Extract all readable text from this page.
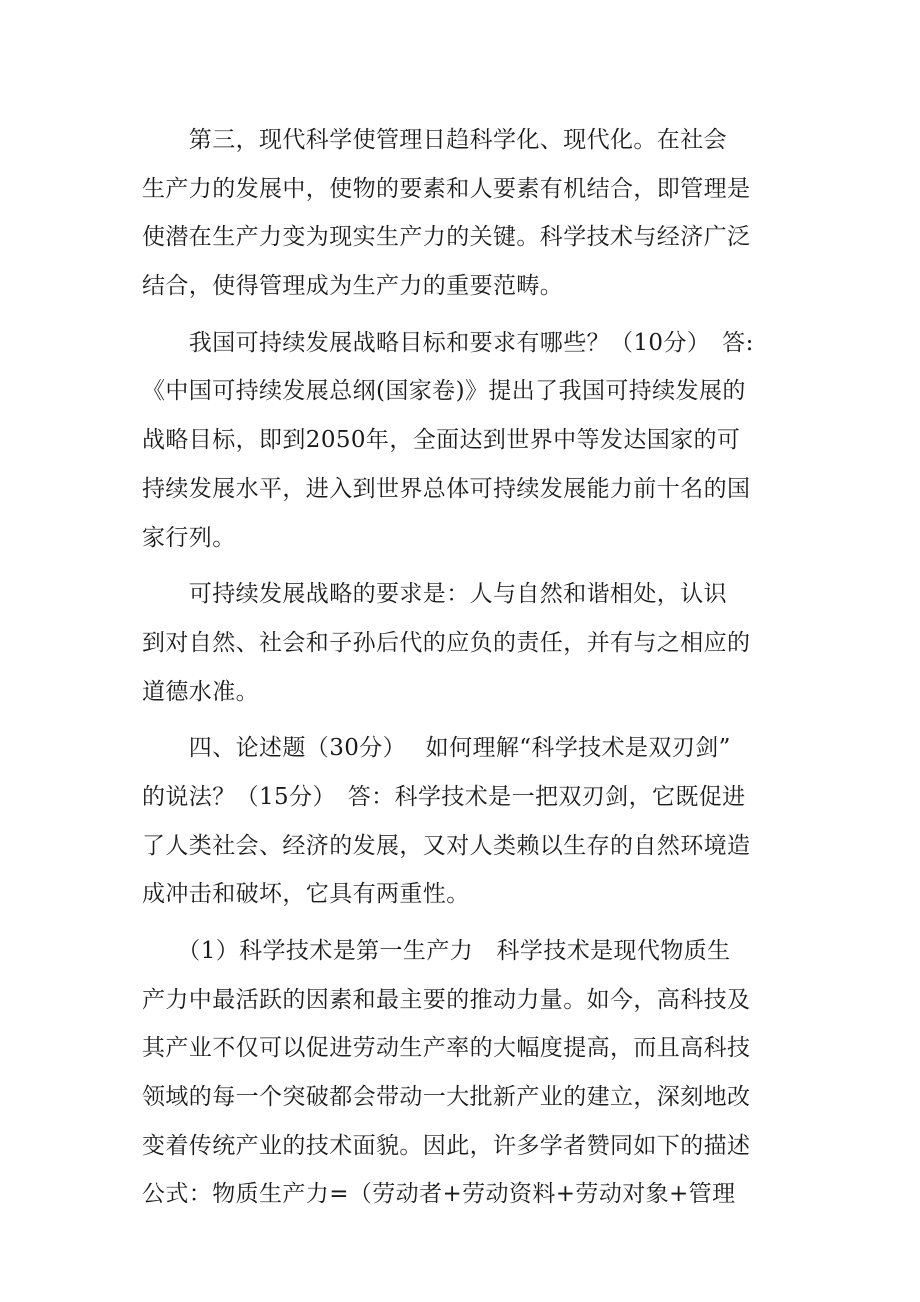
　　第三，现代科学使管理日趋科学化、现代化。在社会
生产力的发展中，使物的要素和人要素有机结合，即管理是
使潜在生产力变为现实生产力的关键。科学技术与经济广泛
结合，使得管理成为生产力的重要范畴。
　　我国可持续发展战略目标和要求有哪些？（10分）　答:
《中国可持续发展总纲(国家卷)》提出了我国可持续发展的
战略目标，即到2050年，全面达到世界中等发达国家的可
持续发展水平，进入到世界总体可持续发展能力前十名的国
家行列。
　　可持续发展战略的要求是：人与自然和谐相处，认识
到对自然、社会和子孙后代的应负的责任，并有与之相应的
道德水准。
　　四、论述题（30分）　 如何理解“科学技术是双刃剑”
的说法？（15分）　答：科学技术是一把双刃剑，它既促进
了人类社会、经济的发展，又对人类赖以生存的自然环境造
成冲击和破坏，它具有两重性。
　　（1）科学技术是第一生产力　科学技术是现代物质生
产力中最活跃的因素和最主要的推动力量。如今，高科技及
其产业不仅可以促进劳动生产率的大幅度提高，而且高科技
领域的每一个突破都会带动一大批新产业的建立，深刻地改
变着传统产业的技术面貌。因此，许多学者赞同如下的描述
公式：物质生产力=（劳动者+劳动资料+劳动对象+管理
